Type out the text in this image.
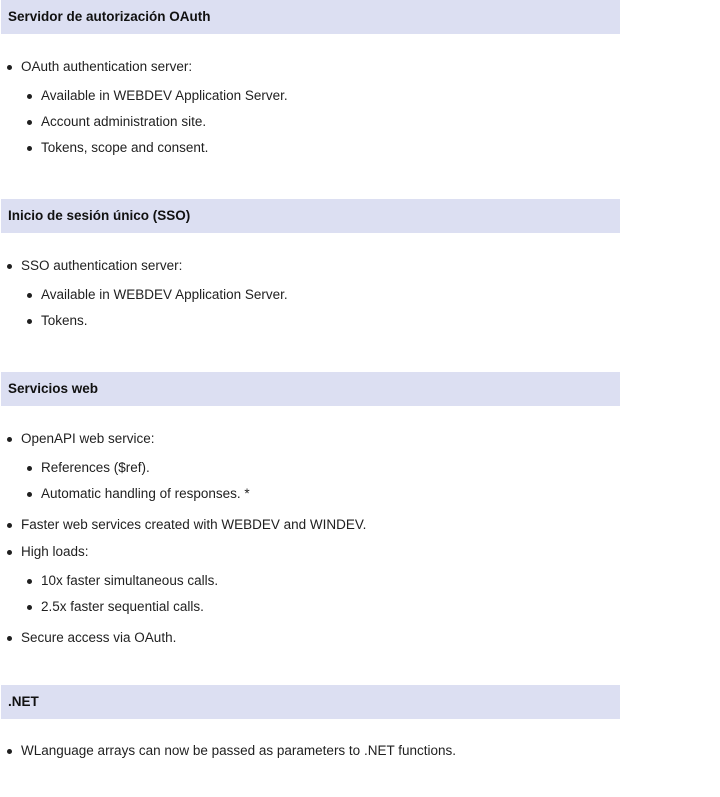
Servidor de autorización OAuth
OAuth authentication server:
Available in WEBDEV Application Server.
Account administration site.
Tokens, scope and consent.
Inicio de sesión único (SSO)
SSO authentication server:
Available in WEBDEV Application Server.
Tokens.
Servicios web
OpenAPI web service:
References ($ref).
Automatic handling of responses. *
Faster web services created with WEBDEV and WINDEV.
High loads:
10x faster simultaneous calls.
2.5x faster sequential calls.
Secure access via OAuth.
.NET
WLanguage arrays can now be passed as parameters to .NET functions.
